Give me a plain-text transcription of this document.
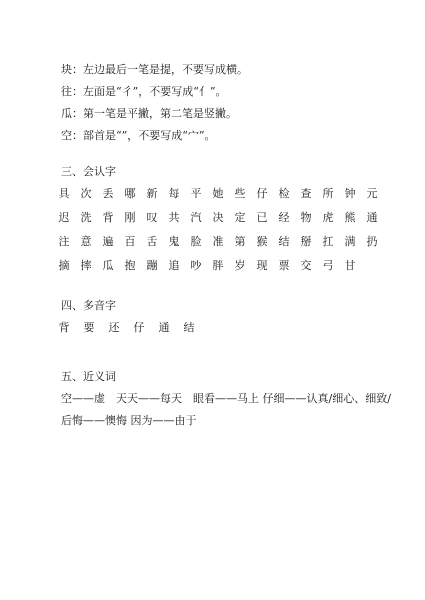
块：左边最后一笔是提，不要写成横。
往：左面是“彳”，不要写成“亻”。
瓜：第一笔是平撇，第二笔是竖撇。
空：部首是“”，不要写成“宀”。
三、会认字
具 次 丢 哪 新 每 平 她 些 仔 检 查 所 钟 元
迟 洗 背 刚 叹 共 汽 决 定 已 经 物 虎 熊 通
注 意 遍 百 舌 鬼 脸 准 第 猴 结 掰 扛 满 扔
摘 摔 瓜 抱 蹦 追 吵 胖 岁 现 票 交 弓 甘
四、多音字
背 要 还 仔 通 结
五、近义词
空——虚　天天——每天　眼看——马上 仔细——认真/细心、细致/
后悔——懊悔 因为——由于
